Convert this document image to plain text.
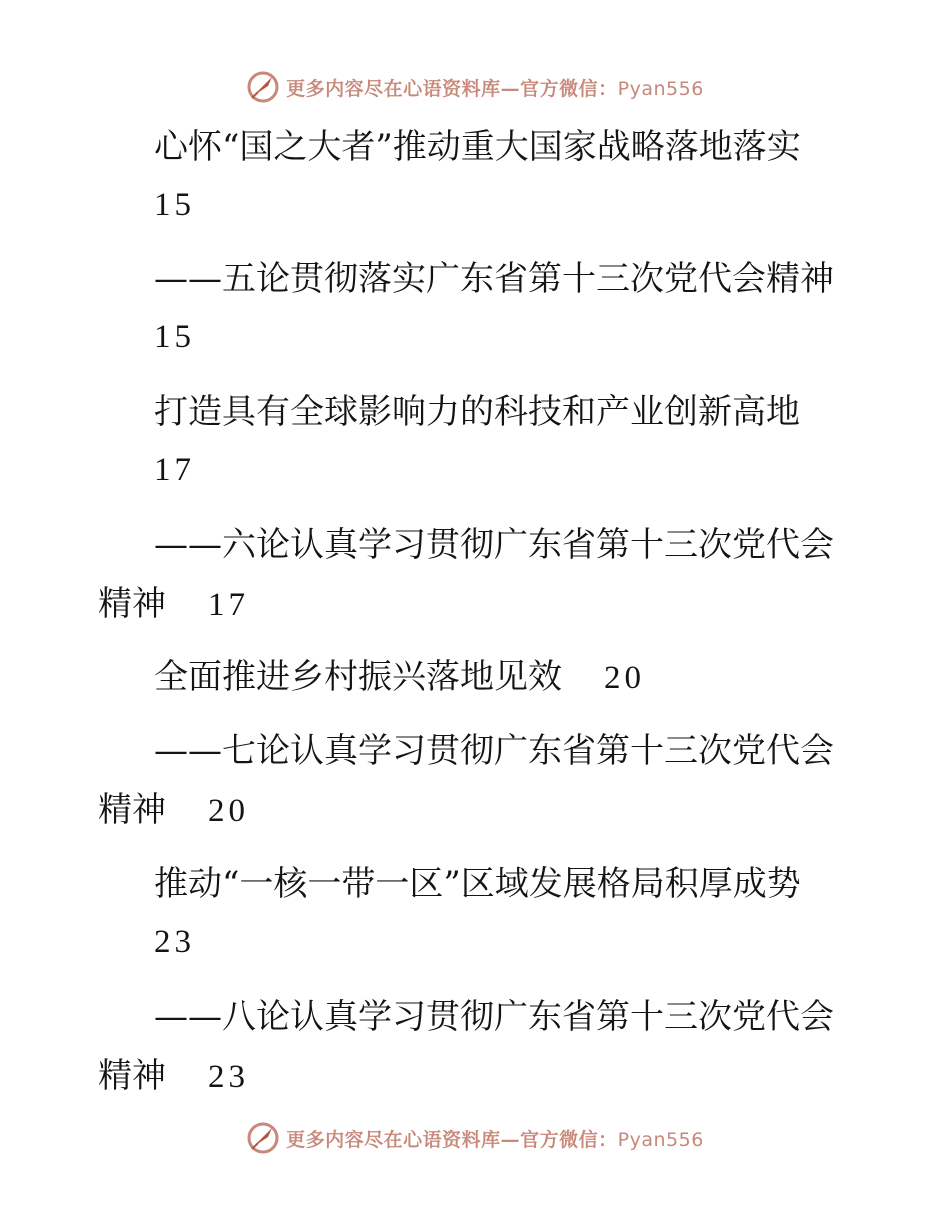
更多内容尽在心语资料库—官方微信：Pyan556
心怀“国之大者”推动重大国家战略落地落实
15
——五论贯彻落实广东省第十三次党代会精神
15
打造具有全球影响力的科技和产业创新高地
17
——六论认真学习贯彻广东省第十三次党代会
精神 17
全面推进乡村振兴落地见效 20
——七论认真学习贯彻广东省第十三次党代会
精神 20
推动“一核一带一区”区域发展格局积厚成势
23
——八论认真学习贯彻广东省第十三次党代会
精神 23
更多内容尽在心语资料库—官方微信：Pyan556
